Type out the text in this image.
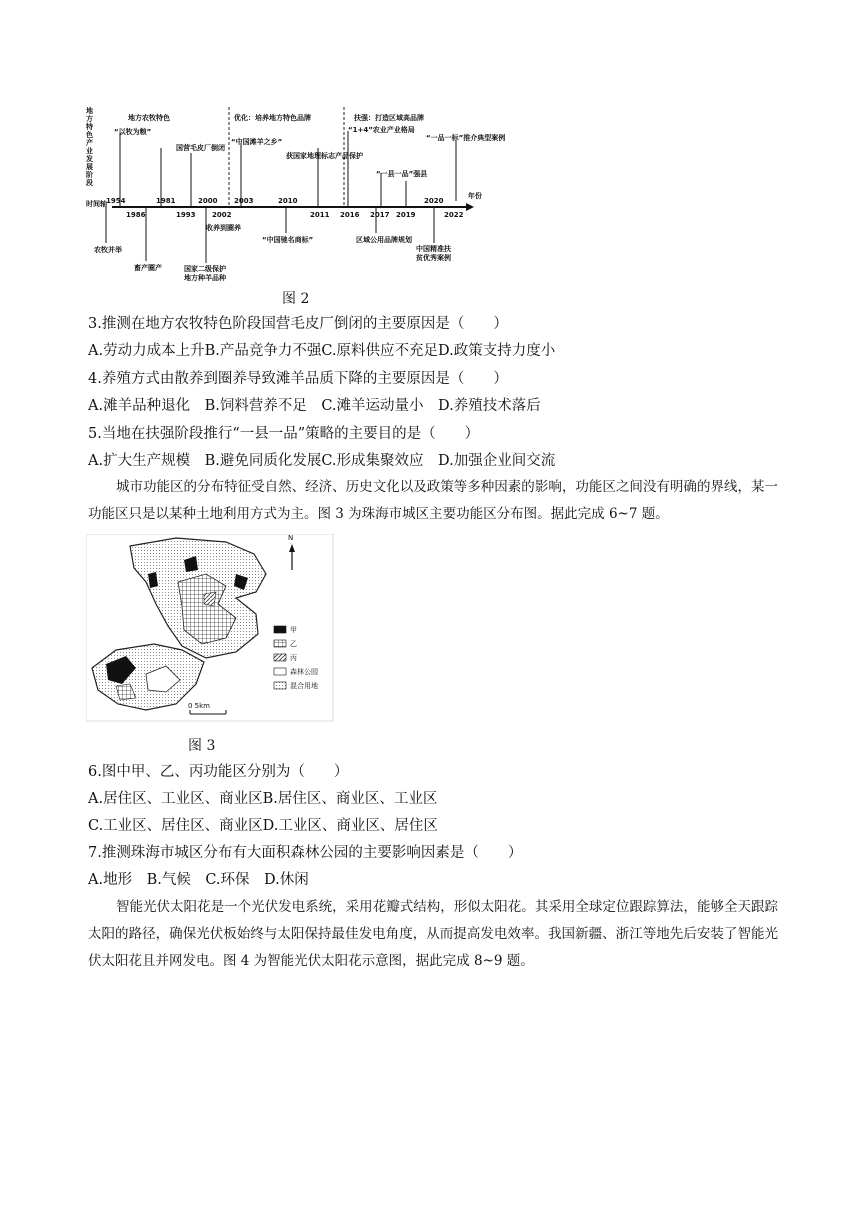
地方特色产业发展阶段
时间轴
年份
地方农牧特色	优化：培养地方特色品牌	扶强：打造区域高品牌
“以牧为粮”
国营毛皮厂倒闭
“中国滩羊之乡”
获国家地理标志产品保护
“1+4”农业产业格局
“一县一品”强县
“一品一标”推介典型案例
1954
1986
1981
1993
2000
2002
2003	2010
2011 2016 2017 2019
2020
2022
农牧并举
畜产圈产	国家二级保护地方种羊品种
收养到圈养
“中国驰名商标”	区域公用品牌规划
中国精准扶贫优秀案例
图 2
3.推测在地方农牧特色阶段国营毛皮厂倒闭的主要原因是（　　）
A.劳动力成本上升B.产品竞争力不强C.原料供应不充足D.政策支持力度小
4.养殖方式由散养到圈养导致滩羊品质下降的主要原因是（　　）
A.滩羊品种退化　B.饲料营养不足　C.滩羊运动量小　D.养殖技术落后
5.当地在扶强阶段推行“一县一品”策略的主要目的是（　　）
A.扩大生产规模　B.避免同质化发展C.形成集聚效应　D.加强企业间交流
城市功能区的分布特征受自然、经济、历史文化以及政策等多种因素的影响，功能区之间没有明确的界线，某一功能区只是以某种土地利用方式为主。图 3 为珠海市城区主要功能区分布图。据此完成 6~7 题。
N
0 5km
甲
乙
丙
森林公园
混合用地
图 3
6.图中甲、乙、丙功能区分别为（　　）
A.居住区、工业区、商业区B.居住区、商业区、工业区
C.工业区、居住区、商业区D.工业区、商业区、居住区
7.推测珠海市城区分布有大面积森林公园的主要影响因素是（　　）
A.地形　B.气候　C.环保　D.休闲
智能光伏太阳花是一个光伏发电系统，采用花瓣式结构，形似太阳花。其采用全球定位跟踪算法，能够全天跟踪太阳的路径，确保光伏板始终与太阳保持最佳发电角度，从而提高发电效率。我国新疆、浙江等地先后安装了智能光伏太阳花且并网发电。图 4 为智能光伏太阳花示意图，据此完成 8~9 题。
